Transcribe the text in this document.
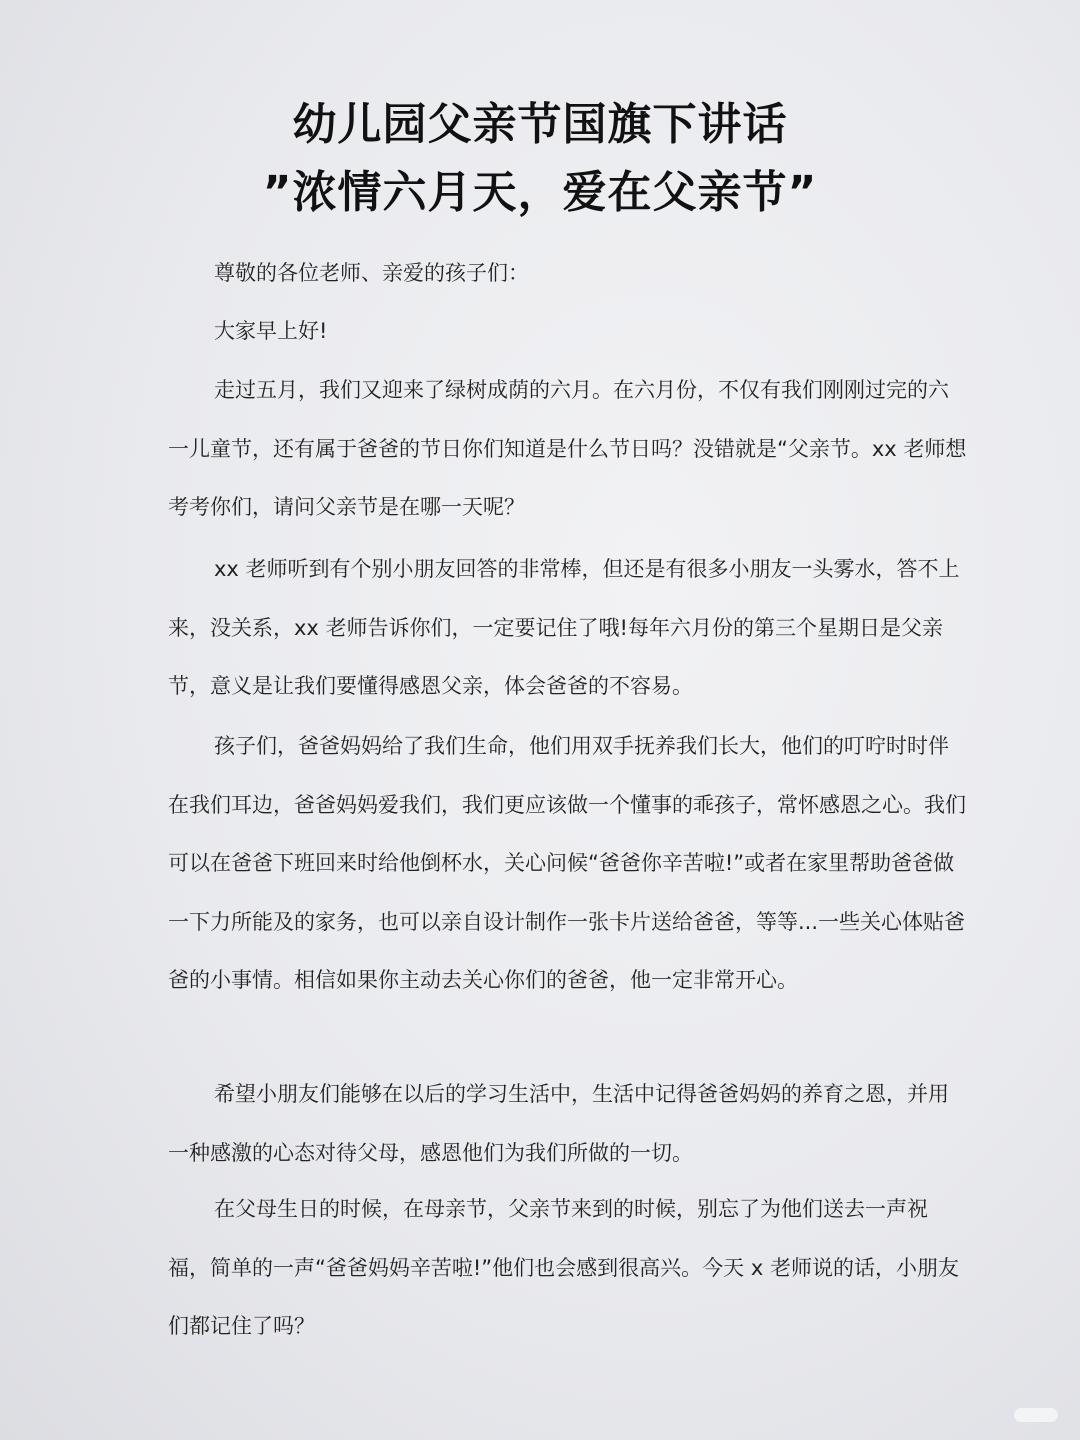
幼儿园父亲节国旗下讲话
”浓情六月天，爱在父亲节”

尊敬的各位老师、亲爱的孩子们：

大家早上好!

走过五月，我们又迎来了绿树成荫的六月。在六月份，不仅有我们刚刚过完的六一儿童节，还有属于爸爸的节日你们知道是什么节日吗？没错就是“父亲节。xx 老师想考考你们，请问父亲节是在哪一天呢？

xx 老师听到有个别小朋友回答的非常棒，但还是有很多小朋友一头雾水，答不上来，没关系，xx 老师告诉你们，一定要记住了哦!每年六月份的第三个星期日是父亲节，意义是让我们要懂得感恩父亲，体会爸爸的不容易。

孩子们，爸爸妈妈给了我们生命，他们用双手抚养我们长大，他们的叮咛时时伴在我们耳边，爸爸妈妈爱我们，我们更应该做一个懂事的乖孩子，常怀感恩之心。我们可以在爸爸下班回来时给他倒杯水，关心问候“爸爸你辛苦啦!”或者在家里帮助爸爸做一下力所能及的家务，也可以亲自设计制作一张卡片送给爸爸，等等...一些关心体贴爸爸的小事情。相信如果你主动去关心你们的爸爸，他一定非常开心。

希望小朋友们能够在以后的学习生活中，生活中记得爸爸妈妈的养育之恩，并用一种感激的心态对待父母，感恩他们为我们所做的一切。

在父母生日的时候，在母亲节，父亲节来到的时候，别忘了为他们送去一声祝福，简单的一声“爸爸妈妈辛苦啦!”他们也会感到很高兴。今天 x 老师说的话，小朋友们都记住了吗？
